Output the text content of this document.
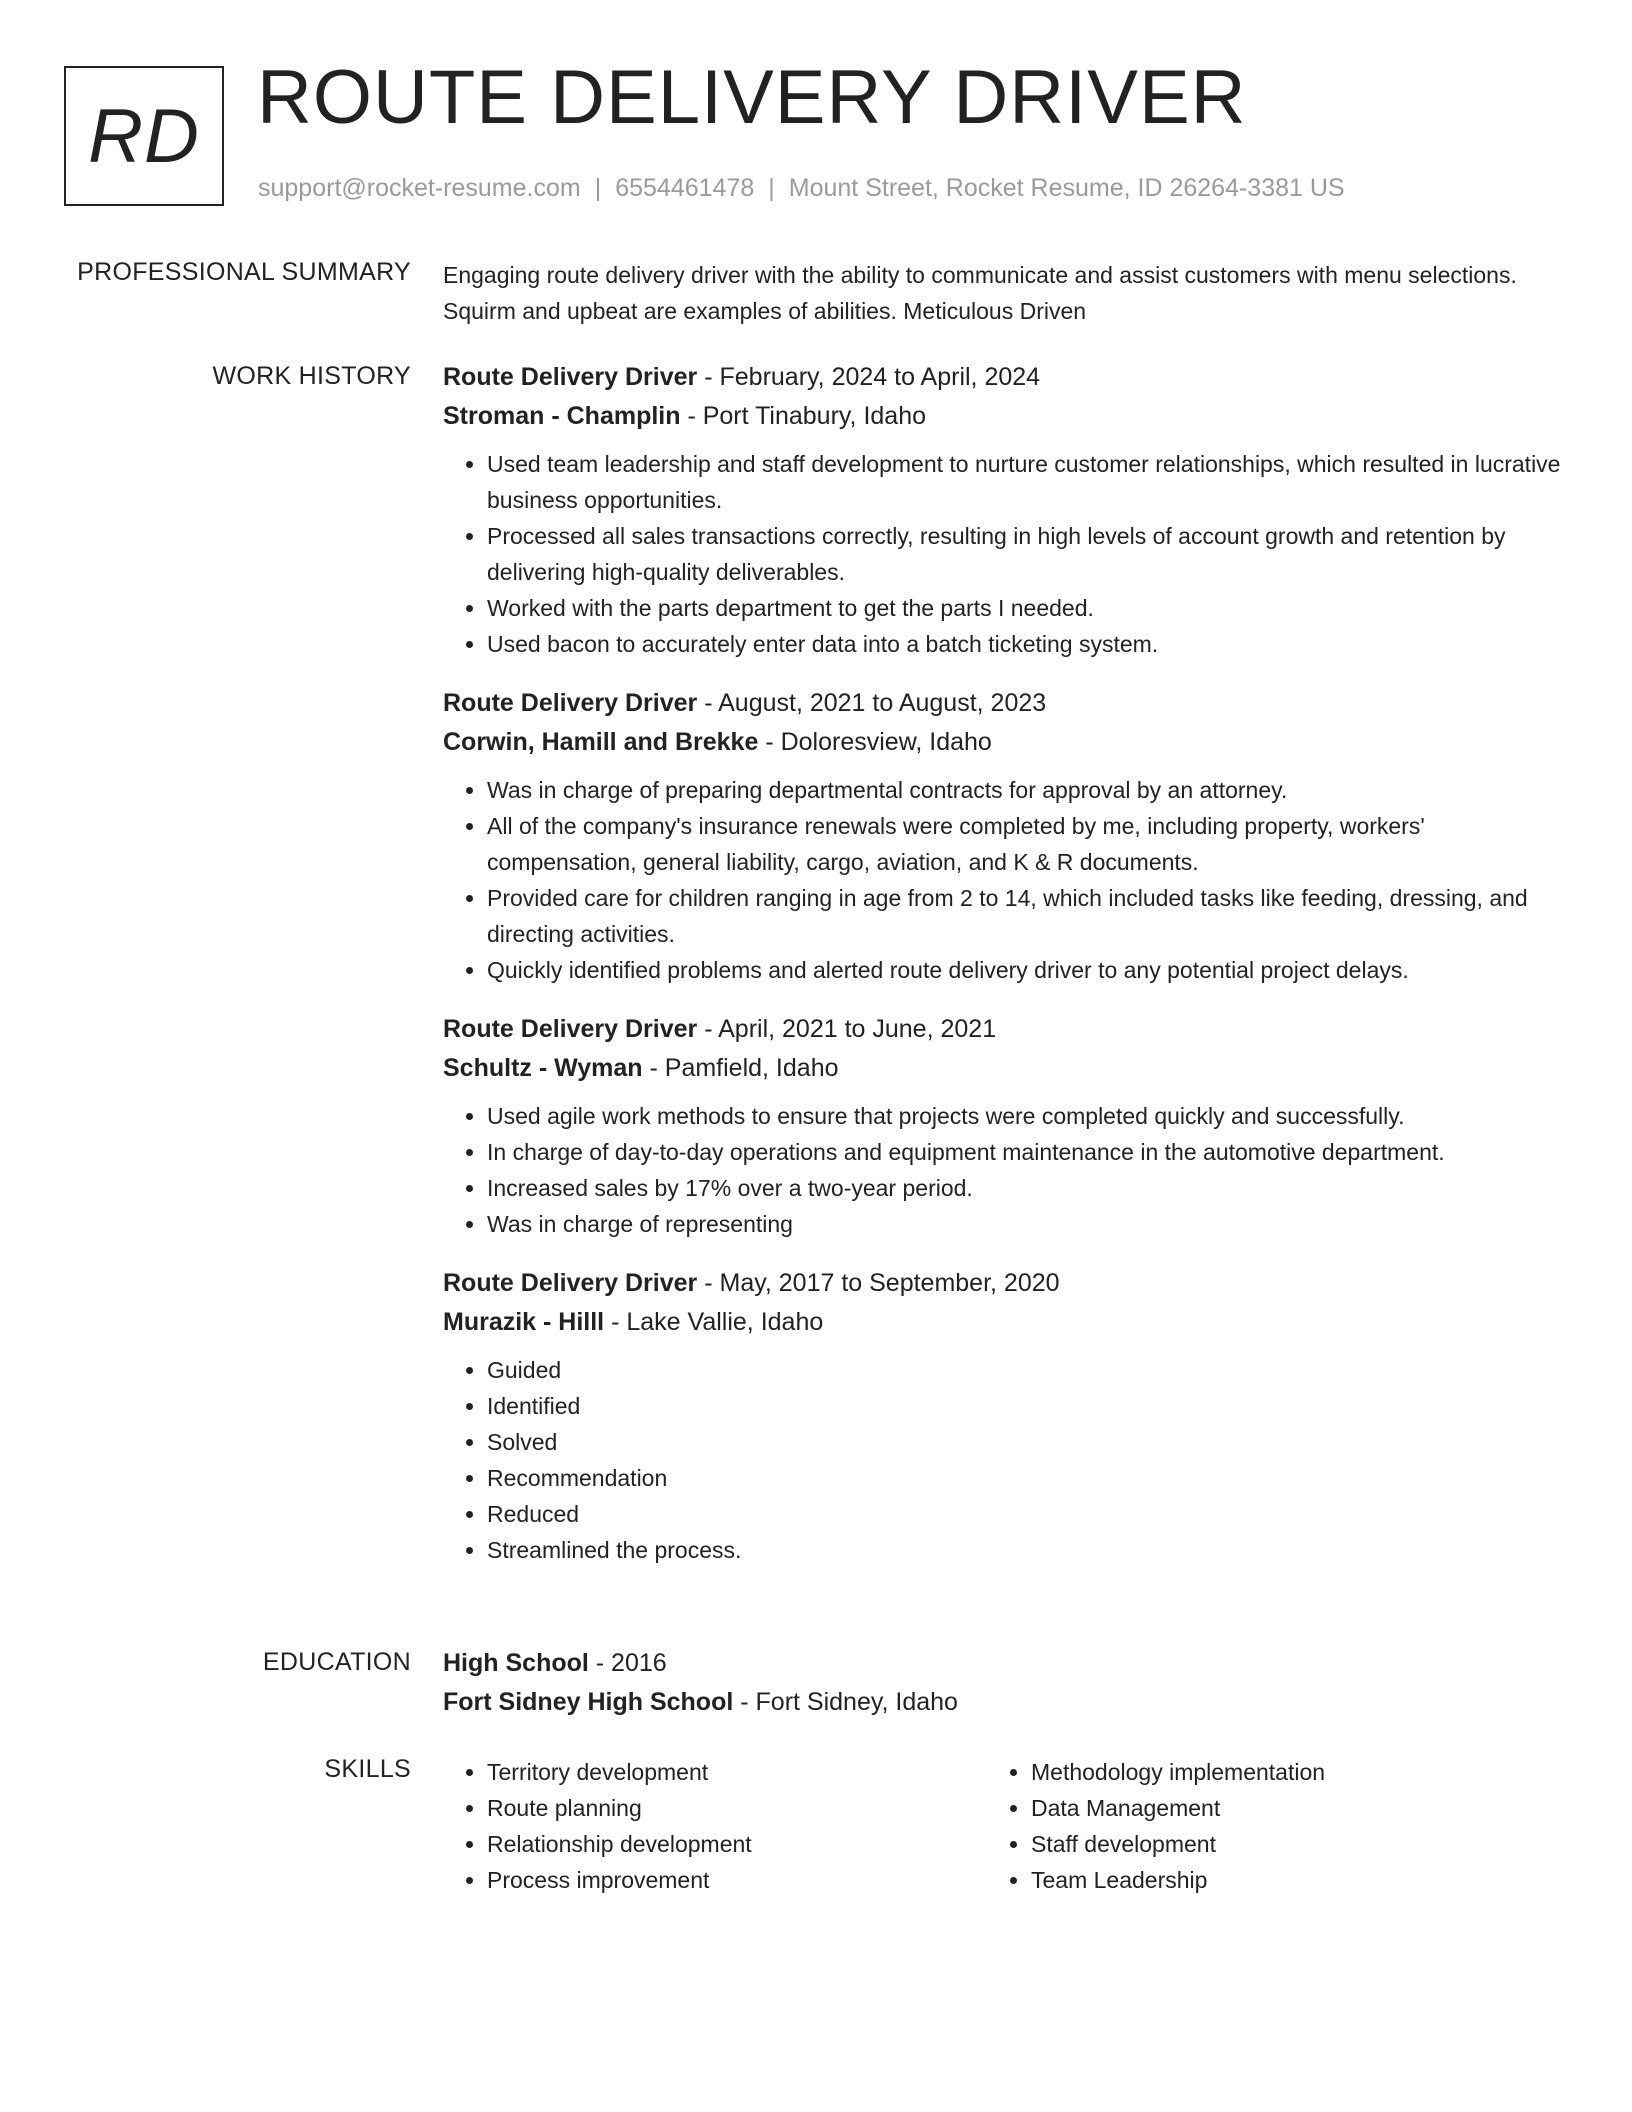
RD ROUTE DELIVERY DRIVER
support@rocket-resume.com | 6554461478 | Mount Street, Rocket Resume, ID 26264-3381 US
PROFESSIONAL SUMMARY Engaging route delivery driver with the ability to communicate and assist customers with menu selections. Squirm and upbeat are examples of abilities. Meticulous Driven

WORK HISTORY Route Delivery Driver - February, 2024 to April, 2024
Stroman - Champlin - Port Tinabury, Idaho
• Used team leadership and staff development to nurture customer relationships, which resulted in lucrative business opportunities.
• Processed all sales transactions correctly, resulting in high levels of account growth and retention by delivering high-quality deliverables.
• Worked with the parts department to get the parts I needed.
• Used bacon to accurately enter data into a batch ticketing system.
Route Delivery Driver - August, 2021 to August, 2023
Corwin, Hamill and Brekke - Doloresview, Idaho
• Was in charge of preparing departmental contracts for approval by an attorney.
• All of the company's insurance renewals were completed by me, including property, workers' compensation, general liability, cargo, aviation, and K & R documents.
• Provided care for children ranging in age from 2 to 14, which included tasks like feeding, dressing, and directing activities.
• Quickly identified problems and alerted route delivery driver to any potential project delays.
Route Delivery Driver - April, 2021 to June, 2021
Schultz - Wyman - Pamfield, Idaho
• Used agile work methods to ensure that projects were completed quickly and successfully.
• In charge of day-to-day operations and equipment maintenance in the automotive department.
• Increased sales by 17% over a two-year period.
• Was in charge of representing
Route Delivery Driver - May, 2017 to September, 2020
Murazik - Hilll - Lake Vallie, Idaho
• Guided
• Identified
• Solved
• Recommendation
• Reduced
• Streamlined the process.
EDUCATION High School - 2016
Fort Sidney High School - Fort Sidney, Idaho
SKILLS
•	Territory development
• Route planning
• Relationship development
• Process improvement
• Methodology implementation
• Data Management
• Staff development
• Team Leadership
